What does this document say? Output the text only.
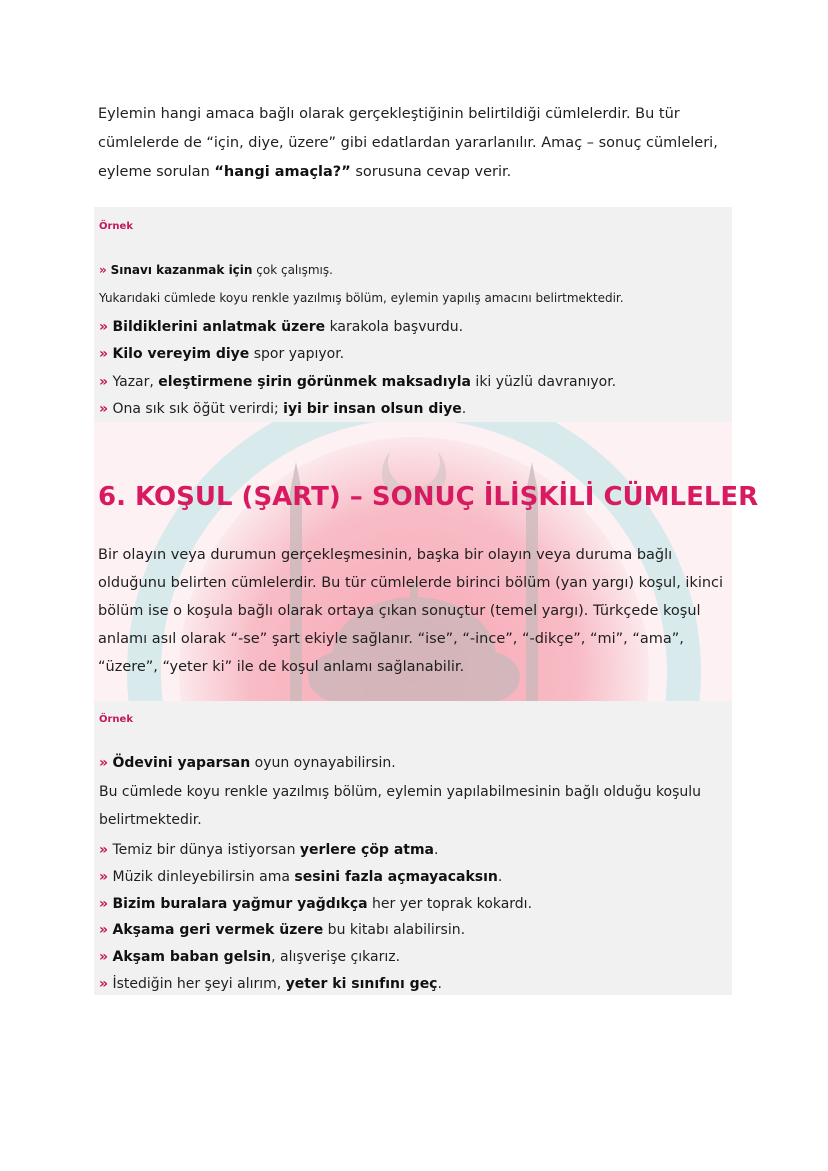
Eylemin hangi amaca bağlı olarak gerçekleştiğinin belirtildiği cümlelerdir. Bu tür cümlelerde de “için, diye, üzere” gibi edatlardan yararlanılır. Amaç – sonuç cümleleri, eyleme sorulan “hangi amaçla?” sorusuna cevap verir.
Örnek
» Sınavı kazanmak için çok çalışmış.
Yukarıdaki cümlede koyu renkle yazılmış bölüm, eylemin yapılış amacını belirtmektedir.
» Bildiklerini anlatmak üzere karakola başvurdu.
» Kilo vereyim diye spor yapıyor.
» Yazar, eleştirmene şirin görünmek maksadıyla iki yüzlü davranıyor.
» Ona sık sık öğüt verirdi; iyi bir insan olsun diye.
6. KOŞUL (ŞART) – SONUÇ İLİŞKİLİ CÜMLELER
Bir olayın veya durumun gerçekleşmesinin, başka bir olayın veya duruma bağlı olduğunu belirten cümlelerdir. Bu tür cümlelerde birinci bölüm (yan yargı) koşul, ikinci bölüm ise o koşula bağlı olarak ortaya çıkan sonuçtur (temel yargı). Türkçede koşul anlamı asıl olarak “-se” şart ekiyle sağlanır. “ise”, “-ince”, “-dikçe”, “mi”, “ama”, “üzere”, “yeter ki” ile de koşul anlamı sağlanabilir.
Örnek
» Ödevini yaparsan oyun oynayabilirsin.
Bu cümlede koyu renkle yazılmış bölüm, eylemin yapılabilmesinin bağlı olduğu koşulu belirtmektedir.
» Temiz bir dünya istiyorsan yerlere çöp atma.
» Müzik dinleyebilirsin ama sesini fazla açmayacaksın.
» Bizim buralara yağmur yağdıkça her yer toprak kokardı.
» Akşama geri vermek üzere bu kitabı alabilirsin.
» Akşam baban gelsin, alışverişe çıkarız.
» İstediğin her şeyi alırım, yeter ki sınıfını geç.
